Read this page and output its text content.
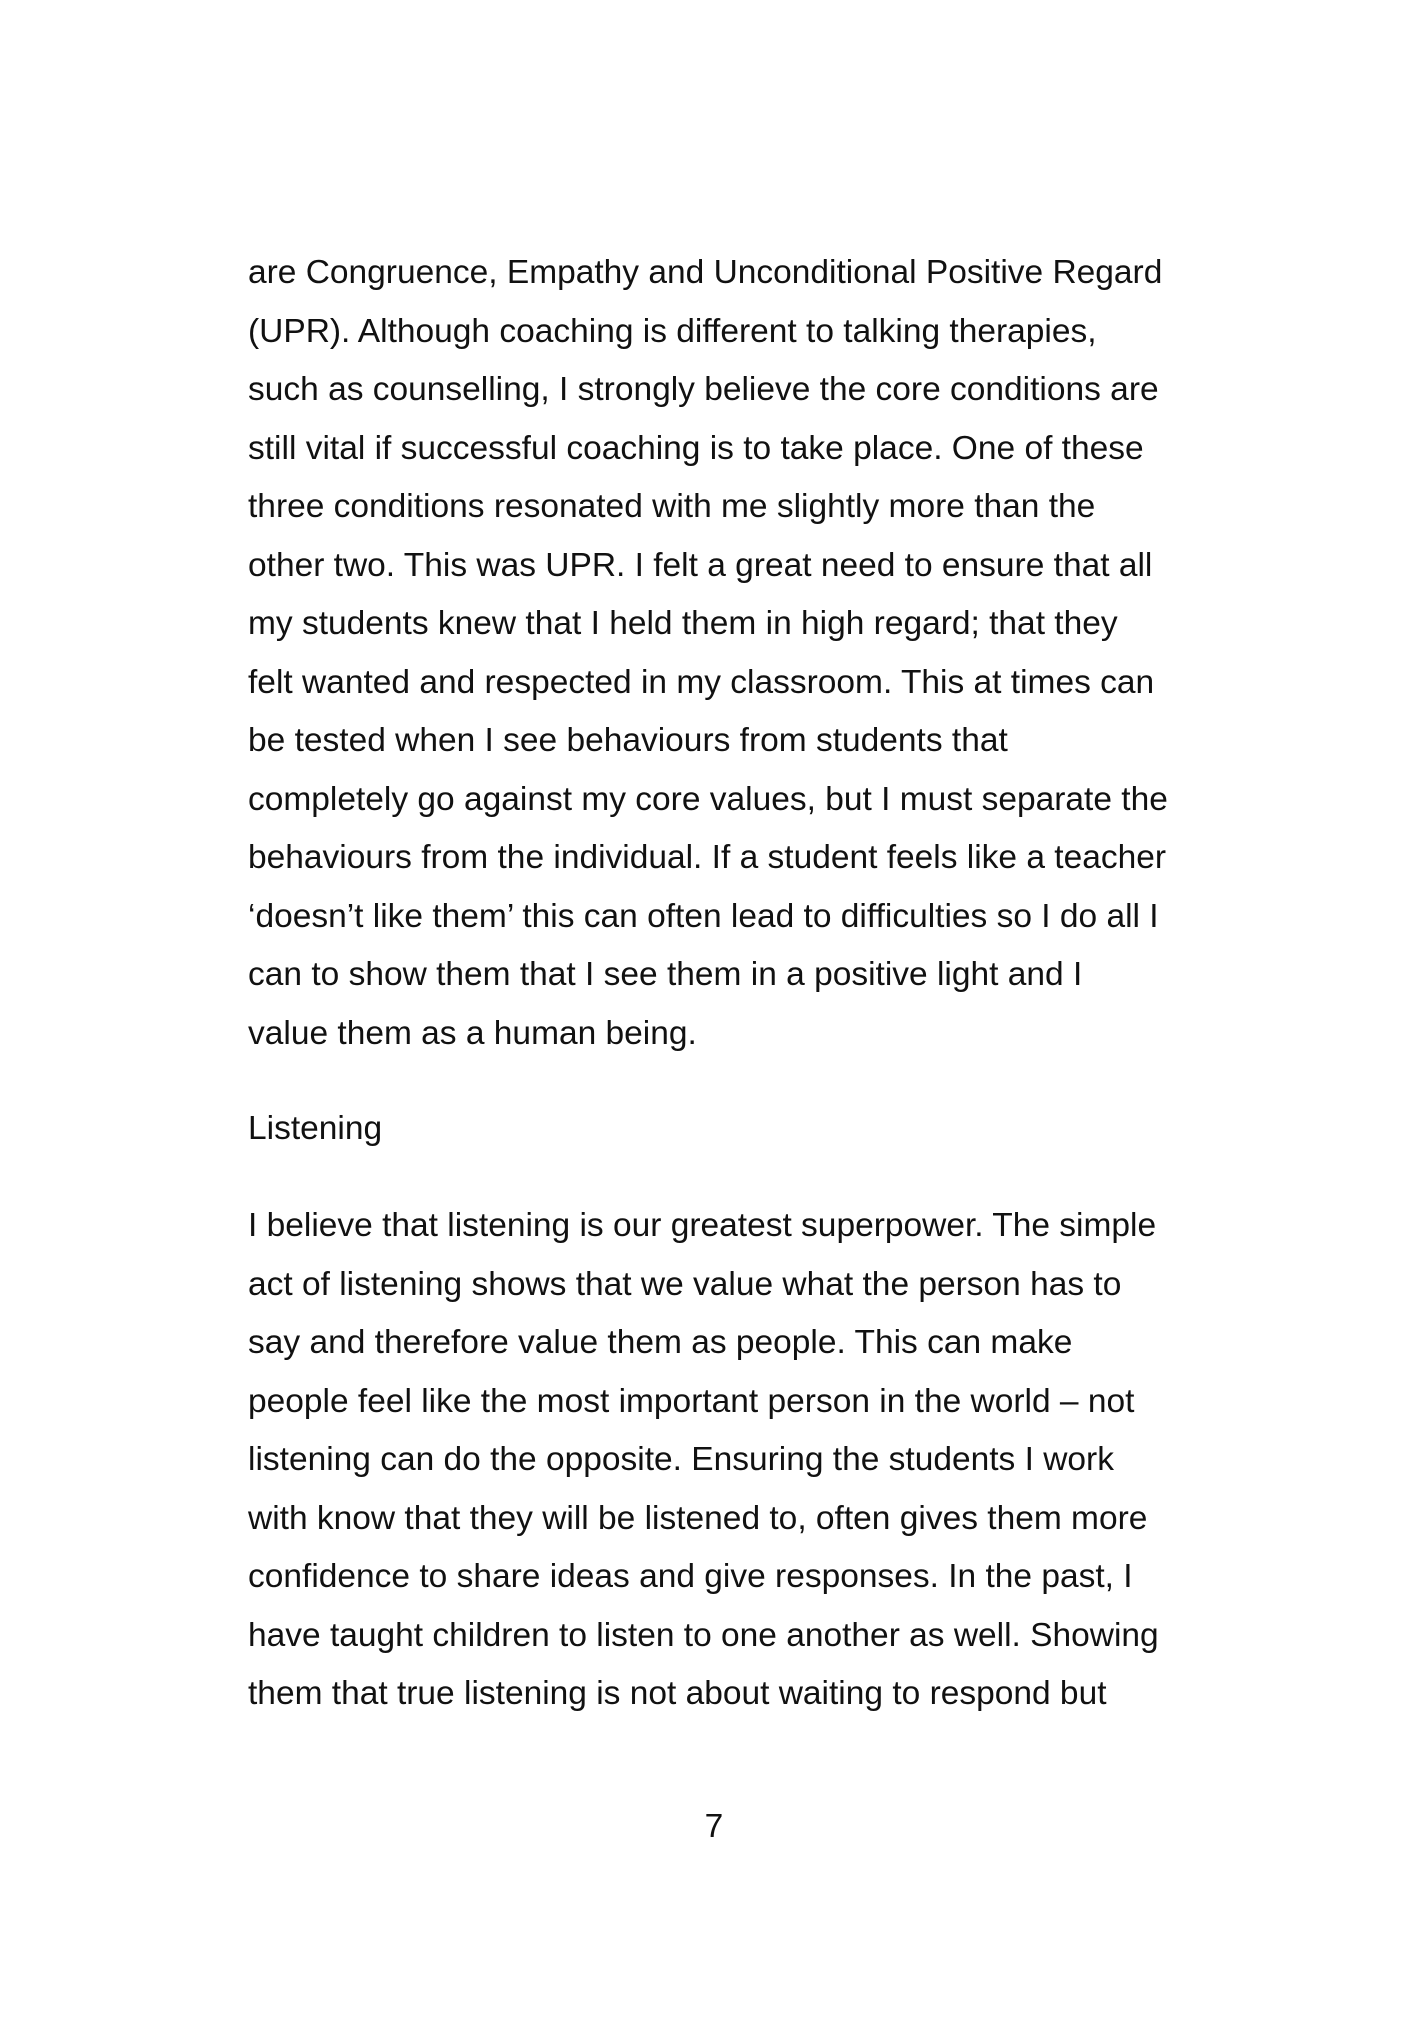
are Congruence, Empathy and Unconditional Positive Regard
(UPR). Although coaching is different to talking therapies,
such as counselling, I strongly believe the core conditions are
still vital if successful coaching is to take place. One of these
three conditions resonated with me slightly more than the
other two. This was UPR. I felt a great need to ensure that all
my students knew that I held them in high regard; that they
felt wanted and respected in my classroom. This at times can
be tested when I see behaviours from students that
completely go against my core values, but I must separate the
behaviours from the individual. If a student feels like a teacher
‘doesn’t like them’ this can often lead to difficulties so I do all I
can to show them that I see them in a positive light and I
value them as a human being.
Listening
I believe that listening is our greatest superpower. The simple
act of listening shows that we value what the person has to
say and therefore value them as people. This can make
people feel like the most important person in the world – not
listening can do the opposite. Ensuring the students I work
with know that they will be listened to, often gives them more
confidence to share ideas and give responses. In the past, I
have taught children to listen to one another as well. Showing
them that true listening is not about waiting to respond but
7
